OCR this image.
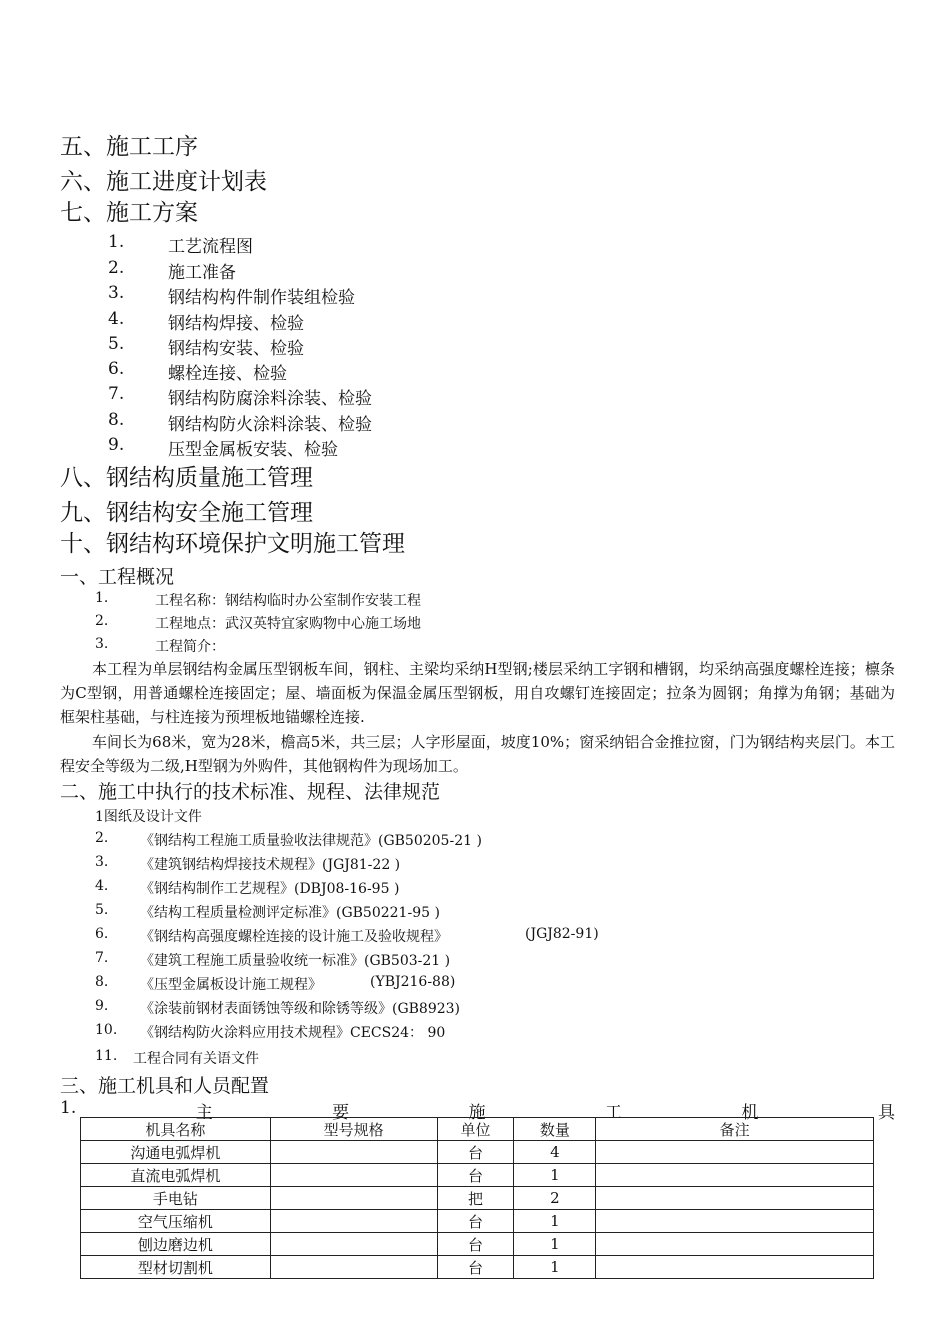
五、施工工序
六、施工进度计划表
七、施工方案
1.	工艺流程图
2.	施工准备
3.	钢结构构件制作装组检验
4.	钢结构焊接、检验
5.	钢结构安装、检验
6.	螺栓连接、检验
7.	钢结构防腐涂料涂装、检验
8.	钢结构防火涂料涂装、检验
9.	压型金属板安装、检验
八、钢结构质量施工管理
九、钢结构安全施工管理
十、钢结构环境保护文明施工管理
一、工程概况
1.	工程名称：钢结构临时办公室制作安装工程
2.	工程地点：武汉英特宜家购物中心施工场地
3.	工程简介：
本工程为单层钢结构金属压型钢板车间，钢柱、主梁均采纳H型钢;楼层采纳工字钢和槽钢，均采纳高强度螺栓连接；檩条为C型钢，用普通螺栓连接固定；屋、墙面板为保温金属压型钢板，用自攻螺钉连接固定；拉条为圆钢；角撑为角钢；基础为框架柱基础，与柱连接为预埋板地锚螺栓连接.
车间长为68米，宽为28米，檐高5米，共三层；人字形屋面，坡度10%；窗采纳铝合金推拉窗，门为钢结构夹层门。本工程安全等级为二级,H型钢为外购件，其他钢构件为现场加工。
二、施工中执行的技术标准、规程、法律规范
1图纸及设计文件
2. 《钢结构工程施工质量验收法律规范》(GB50205-21 )
3. 《建筑钢结构焊接技术规程》(JGJ81-22 )
4. 《钢结构制作工艺规程》(DBJ08-16-95 )
5. 《结构工程质量检测评定标准》(GB50221-95 )
6. 《钢结构高强度螺栓连接的设计施工及验收规程》	(JGJ82-91)
7. 《建筑工程施工质量验收统一标准》(GB503-21 )
8. 《压型金属板设计施工规程》	(YBJ216-88)
9. 《涂装前钢材表面锈蚀等级和除锈等级》(GB8923)
10. 《钢结构防火涂料应用技术规程》CECS24： 90
11. 工程合同有关语文件
三、施工机具和人员配置
1.	主	要	施	工	机	具
机具名称	型号规格	单位	数量	备注
沟通电弧焊机		台	4	
直流电弧焊机		台	1	
手电钻		把	2	
空气压缩机		台	1	
刨边磨边机		台	1	
型材切割机		台	1	
